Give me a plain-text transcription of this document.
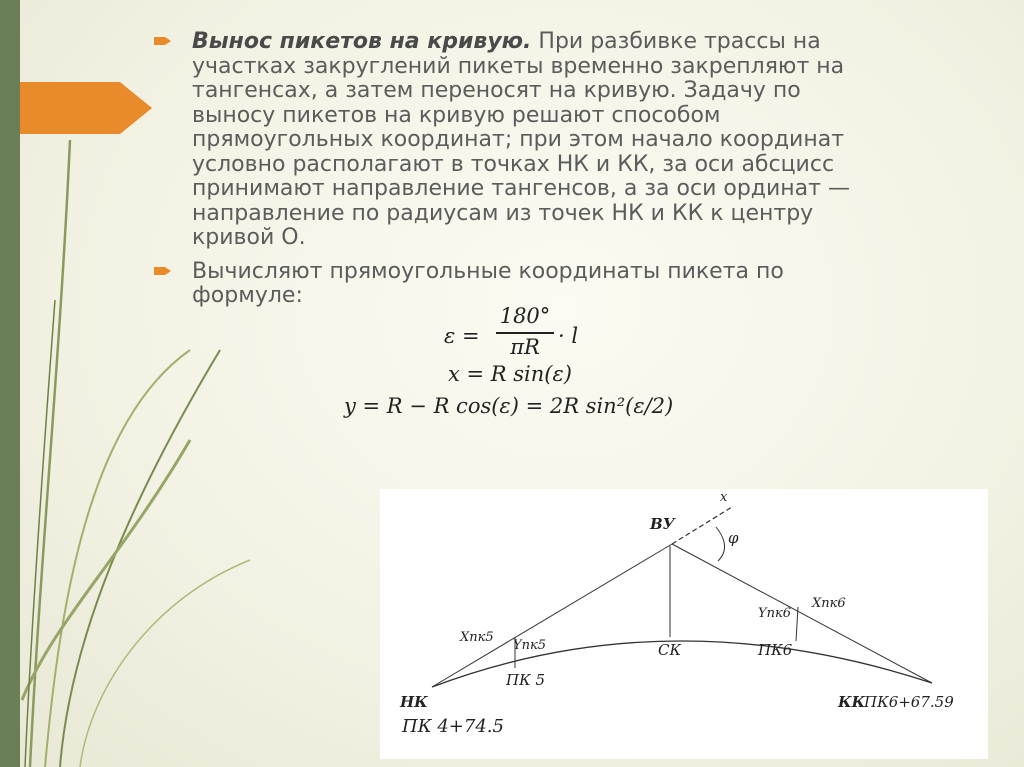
Вынос пикетов на кривую. При разбивке трассы на участках закруглений пикеты временно закрепляют на тангенсах, а затем переносят на кривую. Задачу по выносу пикетов на кривую решают способом прямоугольных координат; при этом начало координат условно располагают в точках НК и КК, за оси абсцисс принимают направление тангенсов, а за оси ординат — направление по радиусам из точек НК и КК к центру кривой О.
Вычисляют прямоугольные координаты пикета по формуле:
ε =
180°
πR · l
x = R sin(ε)
y = R − R cos(ε) = 2R sin²(ε/2)
x
ВУ
φ
Xпк6
Yпк6
Xпк5
Yпк5	СК	ПК6
ПК 5
НК
ПК 4+74.5
КК
ПК6+67.59
